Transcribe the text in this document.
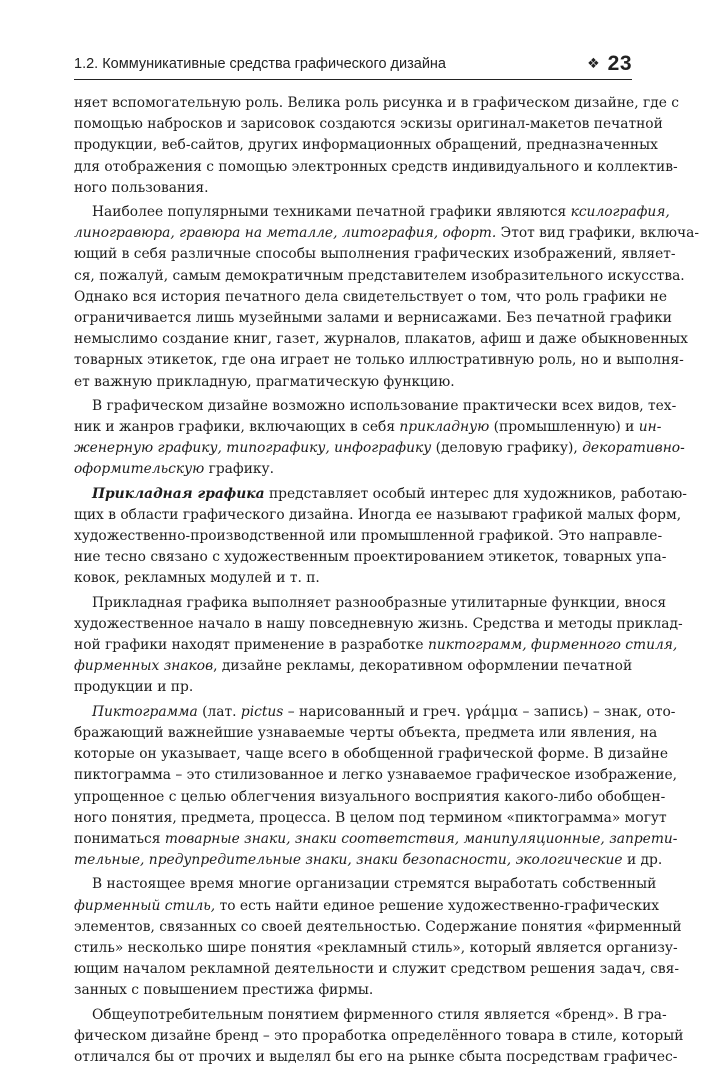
1.2. Коммуникативные средства графического дизайна	❖ 23
няет вспомогательную роль. Велика роль рисунка и в графическом дизайне, где с
помощью набросков и зарисовок создаются эскизы оригинал-макетов печатной
продукции, веб-сайтов, других информационных обращений, предназначенных
для отображения с помощью электронных средств индивидуального и коллектив-
ного пользования.
Наиболее популярными техниками печатной графики являются ксилография,
линогравюра, гравюра на металле, литография, офорт. Этот вид графики, включа-
ющий в себя различные способы выполнения графических изображений, являет-
ся, пожалуй, самым демократичным представителем изобразительного искусства.
Однако вся история печатного дела свидетельствует о том, что роль графики не
ограничивается лишь музейными залами и вернисажами. Без печатной графики
немыслимо создание книг, газет, журналов, плакатов, афиш и даже обыкновенных
товарных этикеток, где она играет не только иллюстративную роль, но и выполня-
ет важную прикладную, прагматическую функцию.
В графическом дизайне возможно использование практически всех видов, тех-
ник и жанров графики, включающих в себя прикладную (промышленную) и ин-
женерную графику, типографику, инфографику (деловую графику), декоративно-
оформительскую графику.
Прикладная графика представляет особый интерес для художников, работаю-
щих в области графического дизайна. Иногда ее называют графикой малых форм,
художественно-производственной или промышленной графикой. Это направле-
ние тесно связано с художественным проектированием этикеток, товарных упа-
ковок, рекламных модулей и т. п.
Прикладная графика выполняет разнообразные утилитарные функции, внося
художественное начало в нашу повседневную жизнь. Средства и методы приклад-
ной графики находят применение в разработке пиктограмм, фирменного стиля,
фирменных знаков, дизайне рекламы, декоративном оформлении печатной
продукции и пр.
Пиктограмма (лат. pictus – нарисованный и греч. γράμμα – запись) – знак, ото-
бражающий важнейшие узнаваемые черты объекта, предмета или явления, на
которые он указывает, чаще всего в обобщенной графической форме. В дизайне
пиктограмма – это стилизованное и легко узнаваемое графическое изображение,
упрощенное с целью облегчения визуального восприятия какого-либо обобщен-
ного понятия, предмета, процесса. В целом под термином «пиктограмма» могут
пониматься товарные знаки, знаки соответствия, манипуляционные, запрети-
тельные, предупредительные знаки, знаки безопасности, экологические и др.
В настоящее время многие организации стремятся выработать собственный
фирменный стиль, то есть найти единое решение художественно-графических
элементов, связанных со своей деятельностью. Содержание понятия «фирменный
стиль» несколько шире понятия «рекламный стиль», который является организу-
ющим началом рекламной деятельности и служит средством решения задач, свя-
занных с повышением престижа фирмы.
Общеупотребительным понятием фирменного стиля является «бренд». В гра-
фическом дизайне бренд – это проработка определённого товара в стиле, который
отличался бы от прочих и выделял бы его на рынке сбыта посредствам графичес-
